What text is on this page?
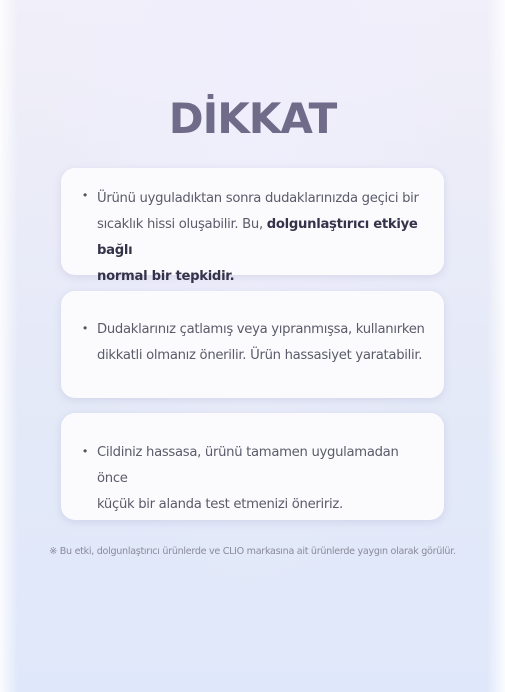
DİKKAT
• Ürünü uyguladıktan sonra dudaklarınızda geçici bir
sıcaklık hissi oluşabilir. Bu, dolgunlaştırıcı etkiye bağlı
normal bir tepkidir.
• Dudaklarınız çatlamış veya yıpranmışsa, kullanırken
dikkatli olmanız önerilir. Ürün hassasiyet yaratabilir.
• Cildiniz hassasa, ürünü tamamen uygulamadan önce
küçük bir alanda test etmenizi öneririz.
※ Bu etki, dolgunlaştırıcı ürünlerde ve CLIO markasına ait ürünlerde yaygın olarak görülür.
